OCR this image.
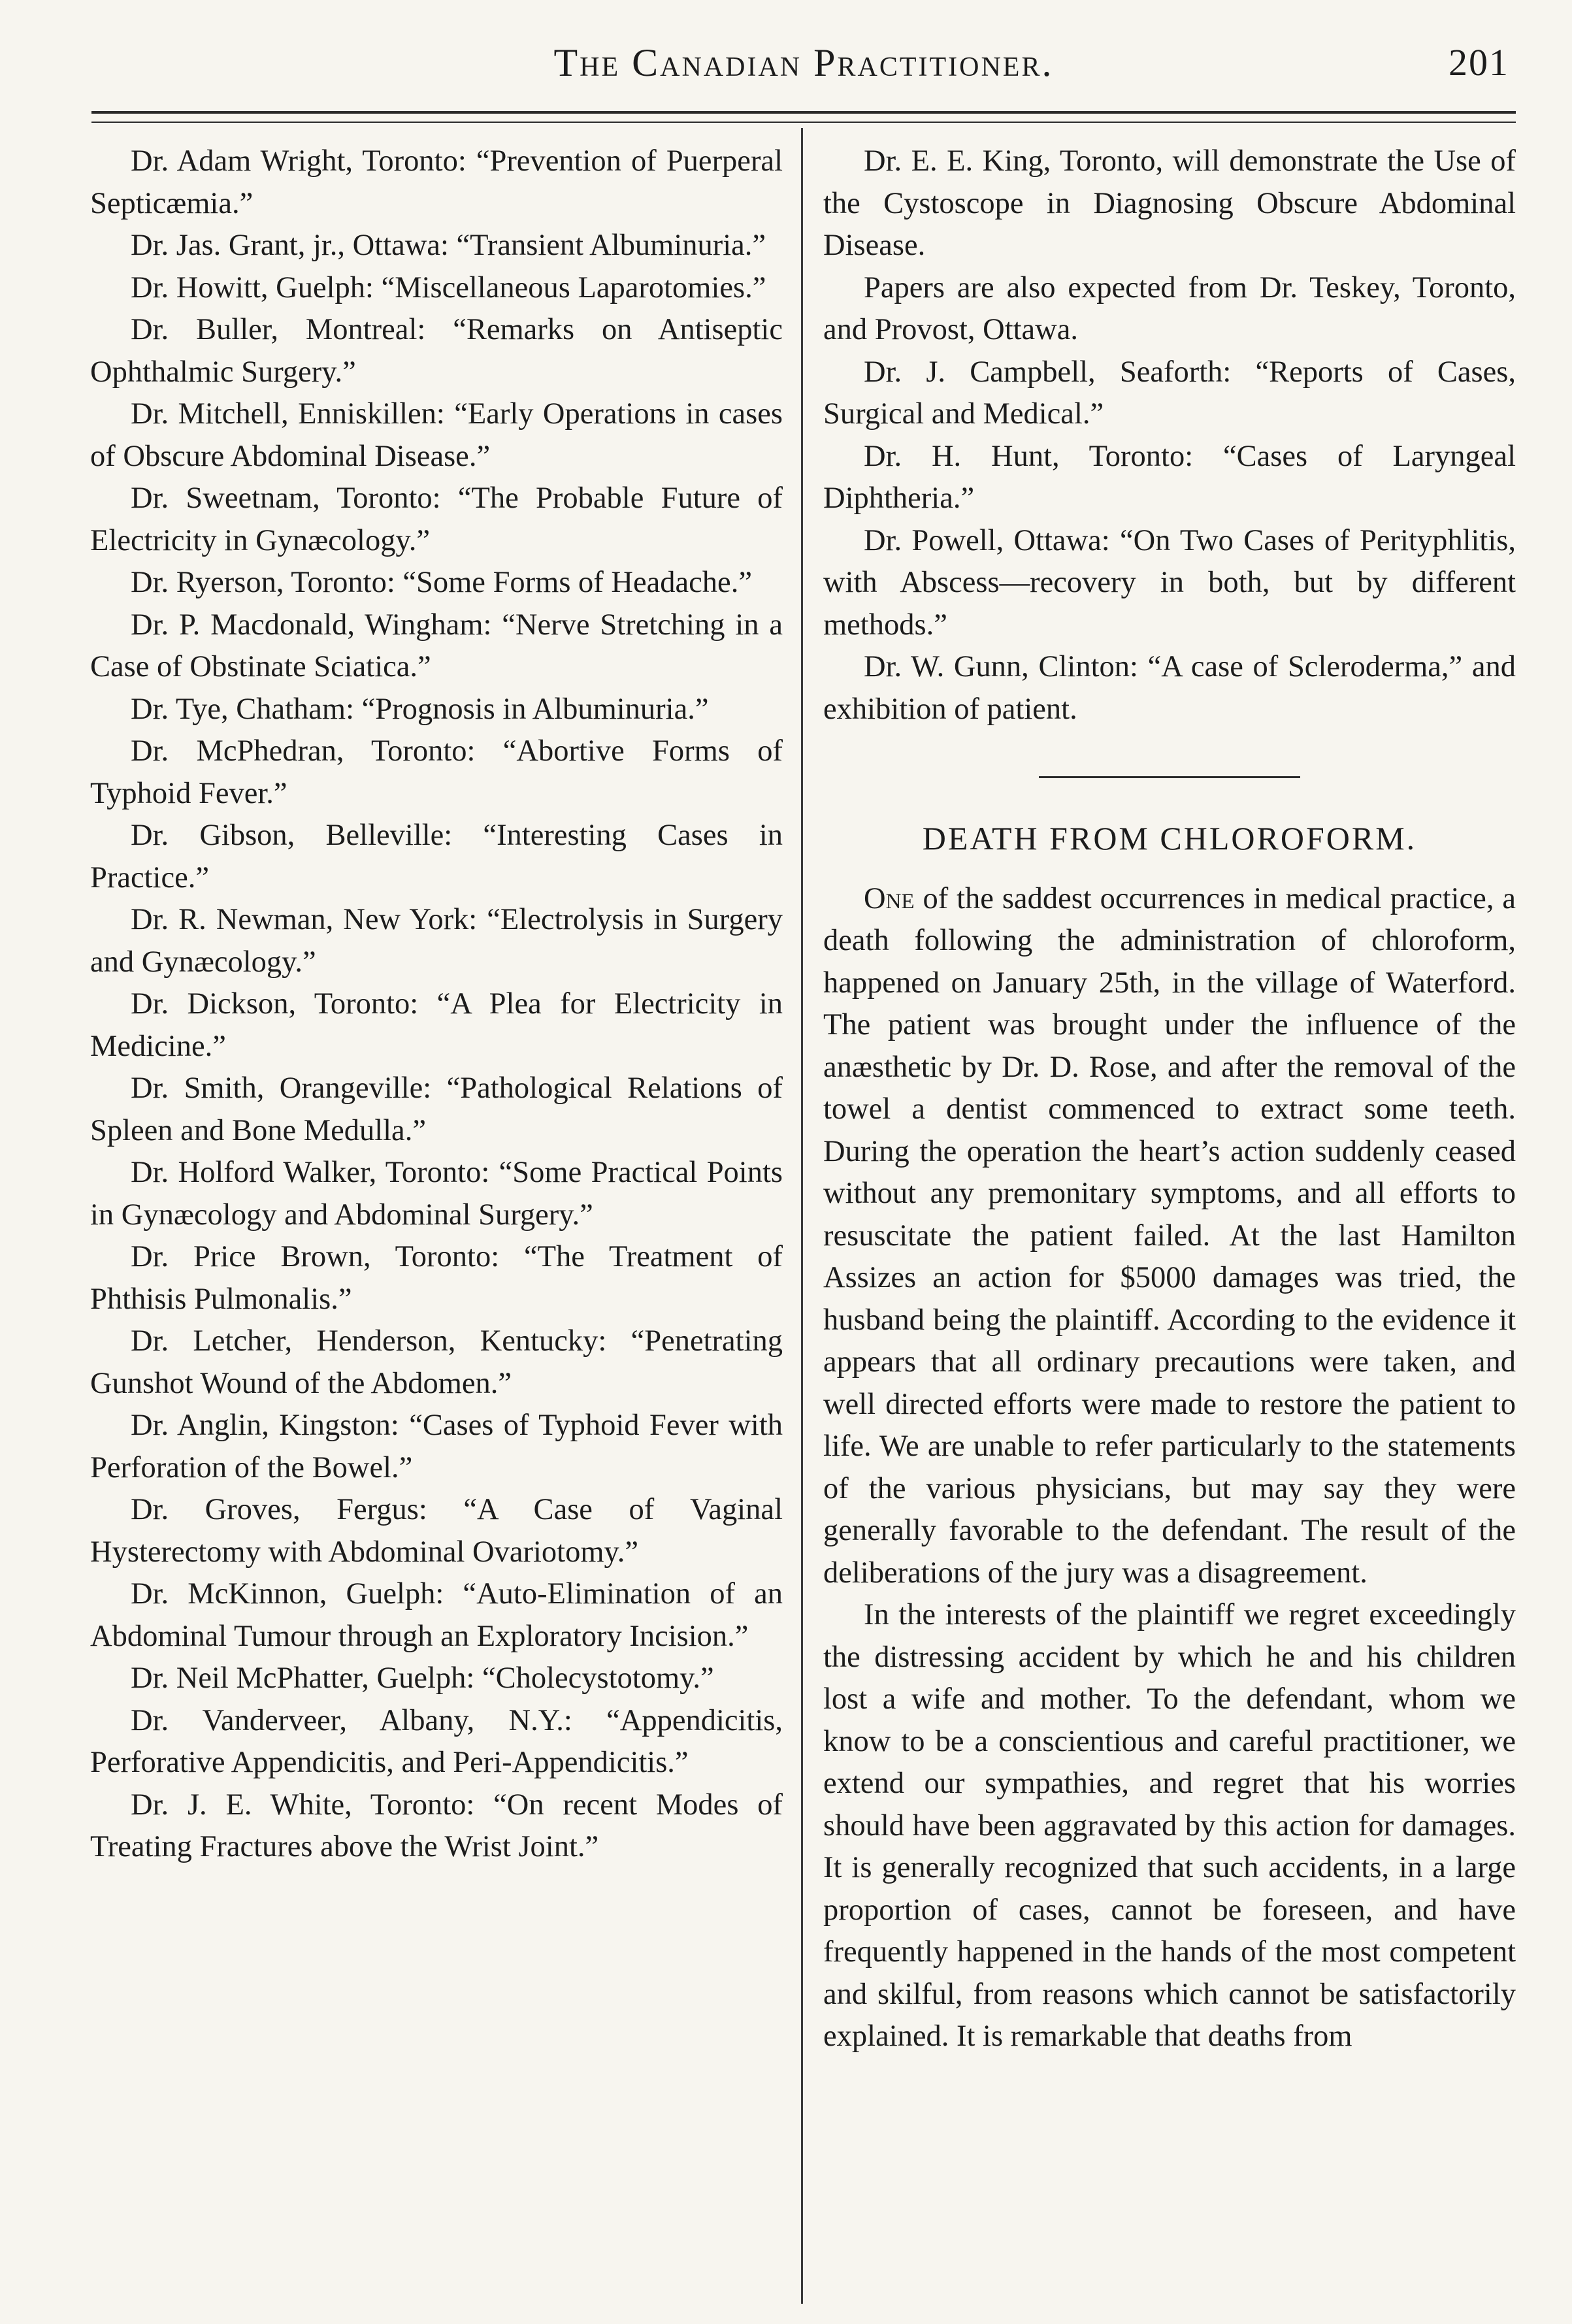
The Canadian Practitioner.	201

Dr. Adam Wright, Toronto: “Prevention of Puerperal Septicæmia.”

Dr. Jas. Grant, jr., Ottawa: “Transient Albuminuria.”

Dr. Howitt, Guelph: “Miscellaneous Laparotomies.”

Dr. Buller, Montreal: “Remarks on Antiseptic Ophthalmic Surgery.”

Dr. Mitchell, Enniskillen: “Early Operations in cases of Obscure Abdominal Disease.”

Dr. Sweetnam, Toronto: “The Probable Future of Electricity in Gynæcology.”

Dr. Ryerson, Toronto: “Some Forms of Headache.”

Dr. P. Macdonald, Wingham: “Nerve Stretching in a Case of Obstinate Sciatica.”

Dr. Tye, Chatham: “Prognosis in Albuminuria.”

Dr. McPhedran, Toronto: “Abortive Forms of Typhoid Fever.”

Dr. Gibson, Belleville: “Interesting Cases in Practice.”

Dr. R. Newman, New York: “Electrolysis in Surgery and Gynæcology.”

Dr. Dickson, Toronto: “A Plea for Electricity in Medicine.”

Dr. Smith, Orangeville: “Pathological Relations of Spleen and Bone Medulla.”

Dr. Holford Walker, Toronto: “Some Practical Points in Gynæcology and Abdominal Surgery.”

Dr. Price Brown, Toronto: “The Treatment of Phthisis Pulmonalis.”

Dr. Letcher, Henderson, Kentucky: “Penetrating Gunshot Wound of the Abdomen.”

Dr. Anglin, Kingston: “Cases of Typhoid Fever with Perforation of the Bowel.”

Dr. Groves, Fergus: “A Case of Vaginal Hysterectomy with Abdominal Ovariotomy.”

Dr. McKinnon, Guelph: “Auto-Elimination of an Abdominal Tumour through an Exploratory Incision.”

Dr. Neil McPhatter, Guelph: “Cholecystotomy.”

Dr. Vanderveer, Albany, N.Y.: “Appendicitis, Perforative Appendicitis, and Peri-Appendicitis.”

Dr. J. E. White, Toronto: “On recent Modes of Treating Fractures above the Wrist Joint.”

Dr. E. E. King, Toronto, will demonstrate the Use of the Cystoscope in Diagnosing Obscure Abdominal Disease.

Papers are also expected from Dr. Teskey, Toronto, and Provost, Ottawa.

Dr. J. Campbell, Seaforth: “Reports of Cases, Surgical and Medical.”

Dr. H. Hunt, Toronto: “Cases of Laryngeal Diphtheria.”

Dr. Powell, Ottawa: “On Two Cases of Perityphlitis, with Abscess—recovery in both, but by different methods.”

Dr. W. Gunn, Clinton: “A case of Scleroderma,” and exhibition of patient.

DEATH FROM CHLOROFORM.

One of the saddest occurrences in medical practice, a death following the administration of chloroform, happened on January 25th, in the village of Waterford. The patient was brought under the influence of the anæsthetic by Dr. D. Rose, and after the removal of the towel a dentist commenced to extract some teeth. During the operation the heart’s action suddenly ceased without any premonitary symptoms, and all efforts to resuscitate the patient failed. At the last Hamilton Assizes an action for $5000 damages was tried, the husband being the plaintiff. According to the evidence it appears that all ordinary precautions were taken, and well directed efforts were made to restore the patient to life. We are unable to refer particularly to the statements of the various physicians, but may say they were generally favorable to the defendant. The result of the deliberations of the jury was a disagreement.

In the interests of the plaintiff we regret exceedingly the distressing accident by which he and his children lost a wife and mother. To the defendant, whom we know to be a conscientious and careful practitioner, we extend our sympathies, and regret that his worries should have been aggravated by this action for damages. It is generally recognized that such accidents, in a large proportion of cases, cannot be foreseen, and have frequently happened in the hands of the most competent and skilful, from reasons which cannot be satisfactorily explained. It is remarkable that deaths from
